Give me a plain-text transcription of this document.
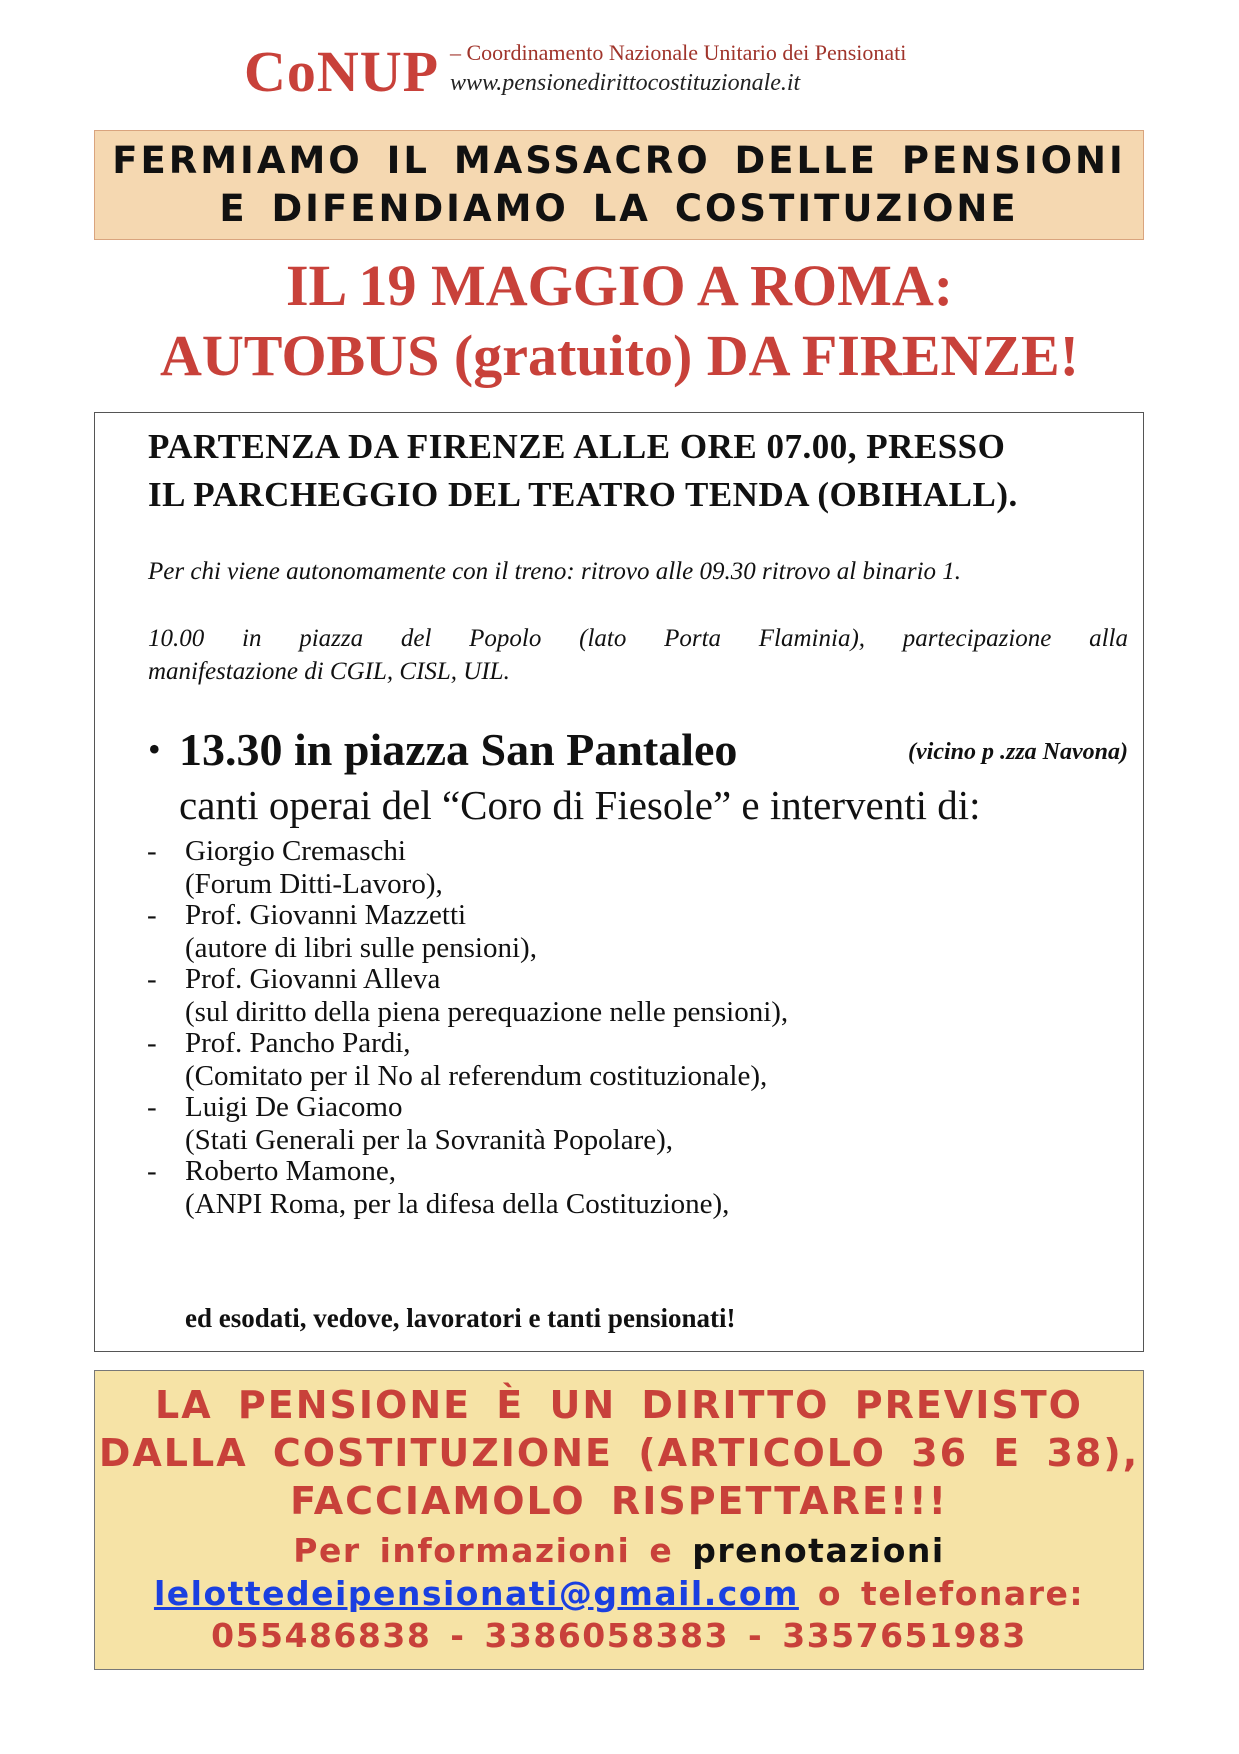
CoNUP – Coordinamento Nazionale Unitario dei Pensionati
www.pensionedirittocostituzionale.it
FERMIAMO IL MASSACRO DELLE PENSIONI
E DIFENDIAMO LA COSTITUZIONE
IL 19 MAGGIO A ROMA:
AUTOBUS (gratuito) DA FIRENZE!
PARTENZA DA FIRENZE ALLE ORE 07.00, PRESSO
IL PARCHEGGIO DEL TEATRO TENDA (OBIHALL).
Per chi viene autonomamente con il treno: ritrovo alle 09.30 ritrovo al binario 1.
10.00 in piazza del Popolo (lato Porta Flaminia), partecipazione alla
manifestazione di CGIL, CISL, UIL.
• 13.30 in piazza San Pantaleo	(vicino p .zza Navona)
canti operai del “Coro di Fiesole” e interventi di:
- Giorgio Cremaschi
(Forum Ditti-Lavoro),
- Prof. Giovanni Mazzetti
(autore di libri sulle pensioni),
- Prof. Giovanni Alleva
(sul diritto della piena perequazione nelle pensioni),
- Prof. Pancho Pardi,
(Comitato per il No al referendum costituzionale),
- Luigi De Giacomo
(Stati Generali per la Sovranità Popolare),
- Roberto Mamone,
(ANPI Roma, per la difesa della Costituzione),
ed esodati, vedove, lavoratori e tanti pensionati!
LA PENSIONE È UN DIRITTO PREVISTO
DALLA COSTITUZIONE (ARTICOLO 36 E 38),
FACCIAMOLO RISPETTARE!!!
Per informazioni e prenotazioni
lelottedeipensionati@gmail.com o telefonare:
055486838 - 3386058383 - 3357651983
